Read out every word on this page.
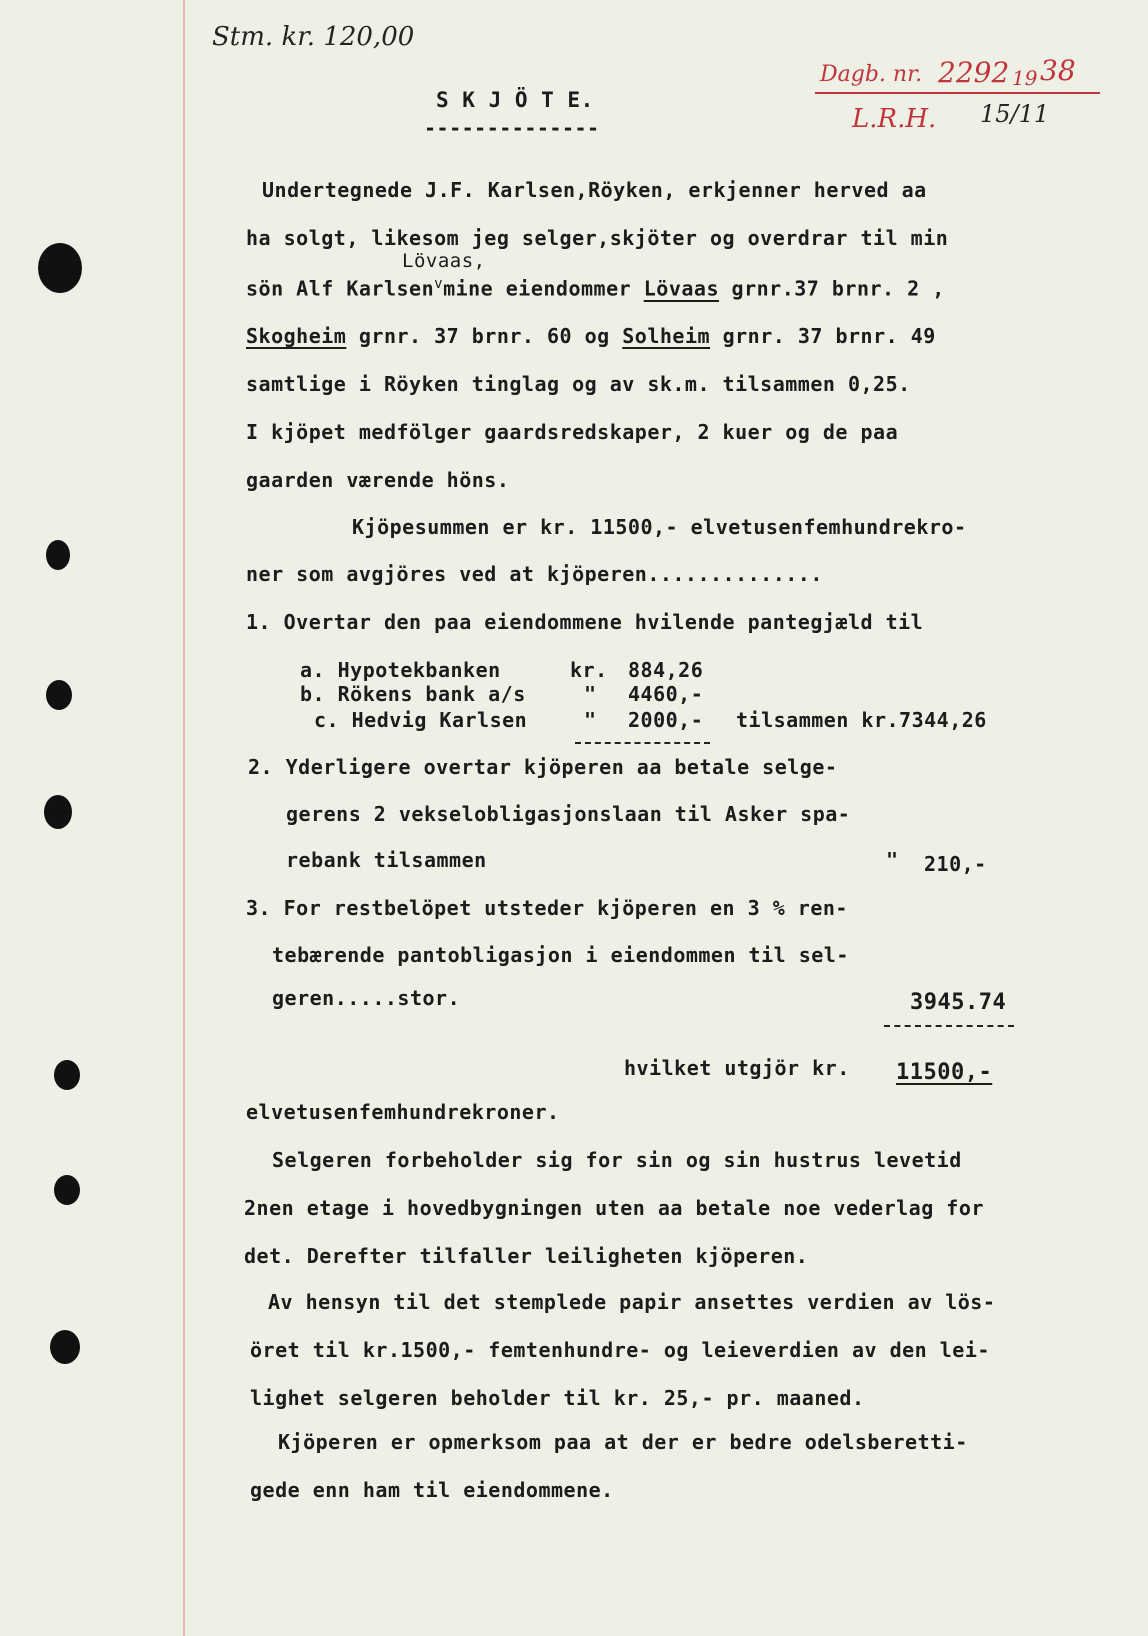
Stm. kr. 120,00
Dagb. nr. 2292 19 38
L.R.H. 15/11
S K J Ö T E.
--------------
Undertegnede J.F. Karlsen,Röyken, erkjenner herved aa
ha solgt, likesom jeg selger,skjöter og overdrar til min
Lövaas,
sön Alf Karlsen$^v$mine eiendommer Lövaas grnr.37 brnr. 2 ,
Skogheim grnr. 37 brnr. 60 og Solheim grnr. 37 brnr. 49
samtlige i Röyken tinglag og av sk.m. tilsammen 0,25.
I kjöpet medfölger gaardsredskaper, 2 kuer og de paa
gaarden værende höns.
Kjöpesummen er kr. 11500,- elvetusenfemhundrekro-
ner som avgjöres ved at kjöperen..............
1. Overtar den paa eiendommene hvilende pantegjæld til
a. Hypotekbanken	kr. 884,26
b. Rökens bank a/s	" 4460,-
c. Hedvig Karlsen	" 2000,- tilsammen kr.7344,26
2. Yderligere overtar kjöperen aa betale selge-
gerens 2 vekselobligasjonslaan til Asker spa-
rebank tilsammen	" 210,-
3. For restbelöpet utsteder kjöperen en 3 % ren-
tebærende pantobligasjon i eiendommen til sel-
geren.....stor.	3945.74
hvilket utgjör kr. 11500,-
elvetusenfemhundrekroner.
Selgeren forbeholder sig for sin og sin hustrus levetid
2nen etage i hovedbygningen uten aa betale noe vederlag for
det. Derefter tilfaller leiligheten kjöperen.
Av hensyn til det stemplede papir ansettes verdien av lös-
öret til kr.1500,- femtenhundre- og leieverdien av den lei-
lighet selgeren beholder til kr. 25,- pr. maaned.
Kjöperen er opmerksom paa at der er bedre odelsberetti-
gede enn ham til eiendommene.
